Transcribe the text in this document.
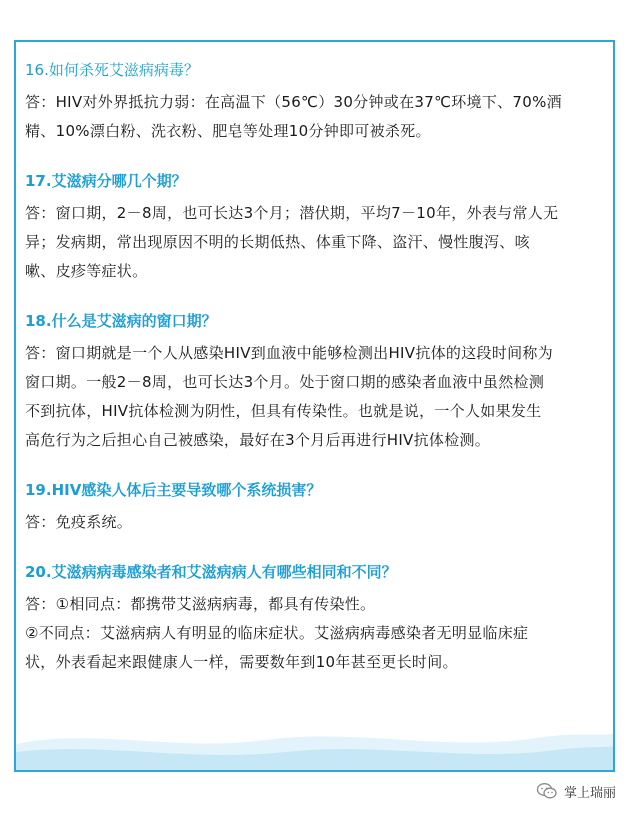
16.如何杀死艾滋病病毒？
答：HIV对外界抵抗力弱：在高温下（56℃）30分钟或在37℃环境下、70%酒
精、10%漂白粉、洗衣粉、肥皂等处理10分钟即可被杀死。
17.艾滋病分哪几个期？
答：窗口期，2－8周，也可长达3个月；潜伏期，平均7－10年，外表与常人无
异；发病期，常出现原因不明的长期低热、体重下降、盗汗、慢性腹泻、咳
嗽、皮疹等症状。
18.什么是艾滋病的窗口期？
答：窗口期就是一个人从感染HIV到血液中能够检测出HIV抗体的这段时间称为
窗口期。一般2－8周，也可长达3个月。处于窗口期的感染者血液中虽然检测
不到抗体，HIV抗体检测为阴性，但具有传染性。也就是说，一个人如果发生
高危行为之后担心自己被感染，最好在3个月后再进行HIV抗体检测。
19.HIV感染人体后主要导致哪个系统损害？
答：免疫系统。
20.艾滋病病毒感染者和艾滋病病人有哪些相同和不同？
答：①相同点：都携带艾滋病病毒，都具有传染性。
②不同点：艾滋病病人有明显的临床症状。艾滋病病毒感染者无明显临床症
状，外表看起来跟健康人一样，需要数年到10年甚至更长时间。
掌上瑞丽
